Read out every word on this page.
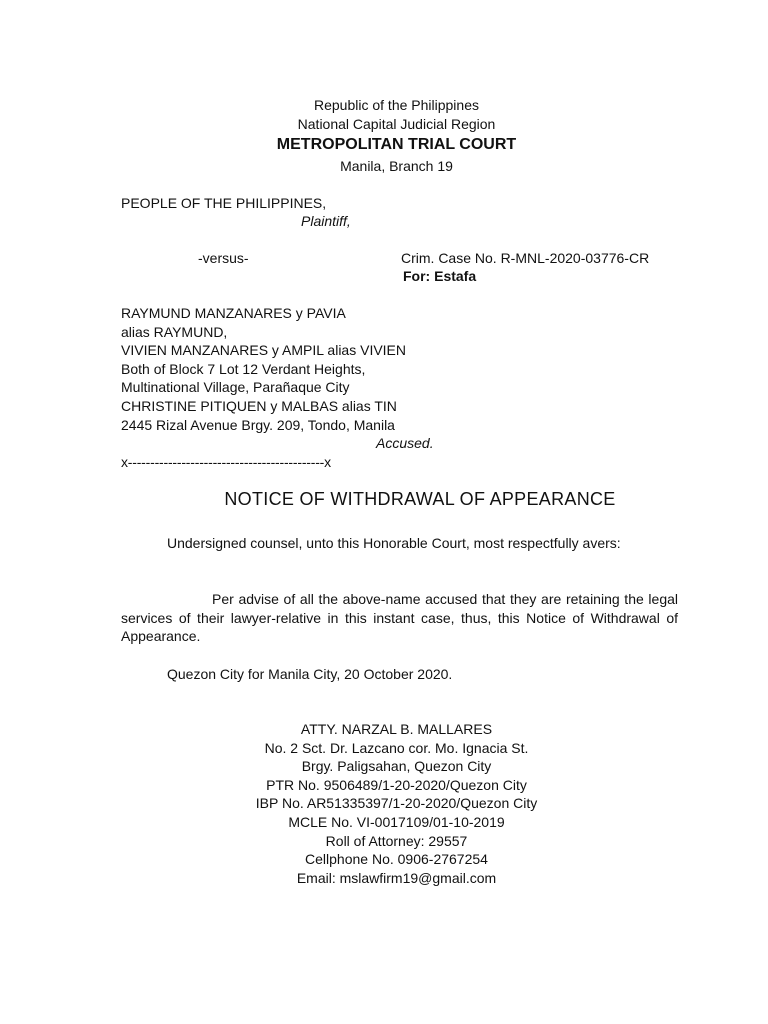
Republic of the Philippines
National Capital Judicial Region
METROPOLITAN TRIAL COURT
Manila, Branch 19
PEOPLE OF THE PHILIPPINES,
Plaintiff,
-versus-	Crim. Case No. R-MNL-2020-03776-CR
For: Estafa
RAYMUND MANZANARES y PAVIA
alias RAYMUND,
VIVIEN MANZANARES y AMPIL alias VIVIEN
Both of Block 7 Lot 12 Verdant Heights,
Multinational Village, Parañaque City
CHRISTINE PITIQUEN y MALBAS alias TIN
2445 Rizal Avenue Brgy. 209, Tondo, Manila
Accused.
x--------------------------------------------x
NOTICE OF WITHDRAWAL OF APPEARANCE
Undersigned counsel, unto this Honorable Court, most respectfully avers:
Per advise of all the above-name accused that they are retaining the legal services of their lawyer-relative in this instant case, thus, this Notice of Withdrawal of Appearance.
Quezon City for Manila City, 20 October 2020.
ATTY. NARZAL B. MALLARES
No. 2 Sct. Dr. Lazcano cor. Mo. Ignacia St.
Brgy. Paligsahan, Quezon City
PTR No. 9506489/1-20-2020/Quezon City
IBP No. AR51335397/1-20-2020/Quezon City
MCLE No. VI-0017109/01-10-2019
Roll of Attorney: 29557
Cellphone No. 0906-2767254
Email: mslawfirm19@gmail.com
